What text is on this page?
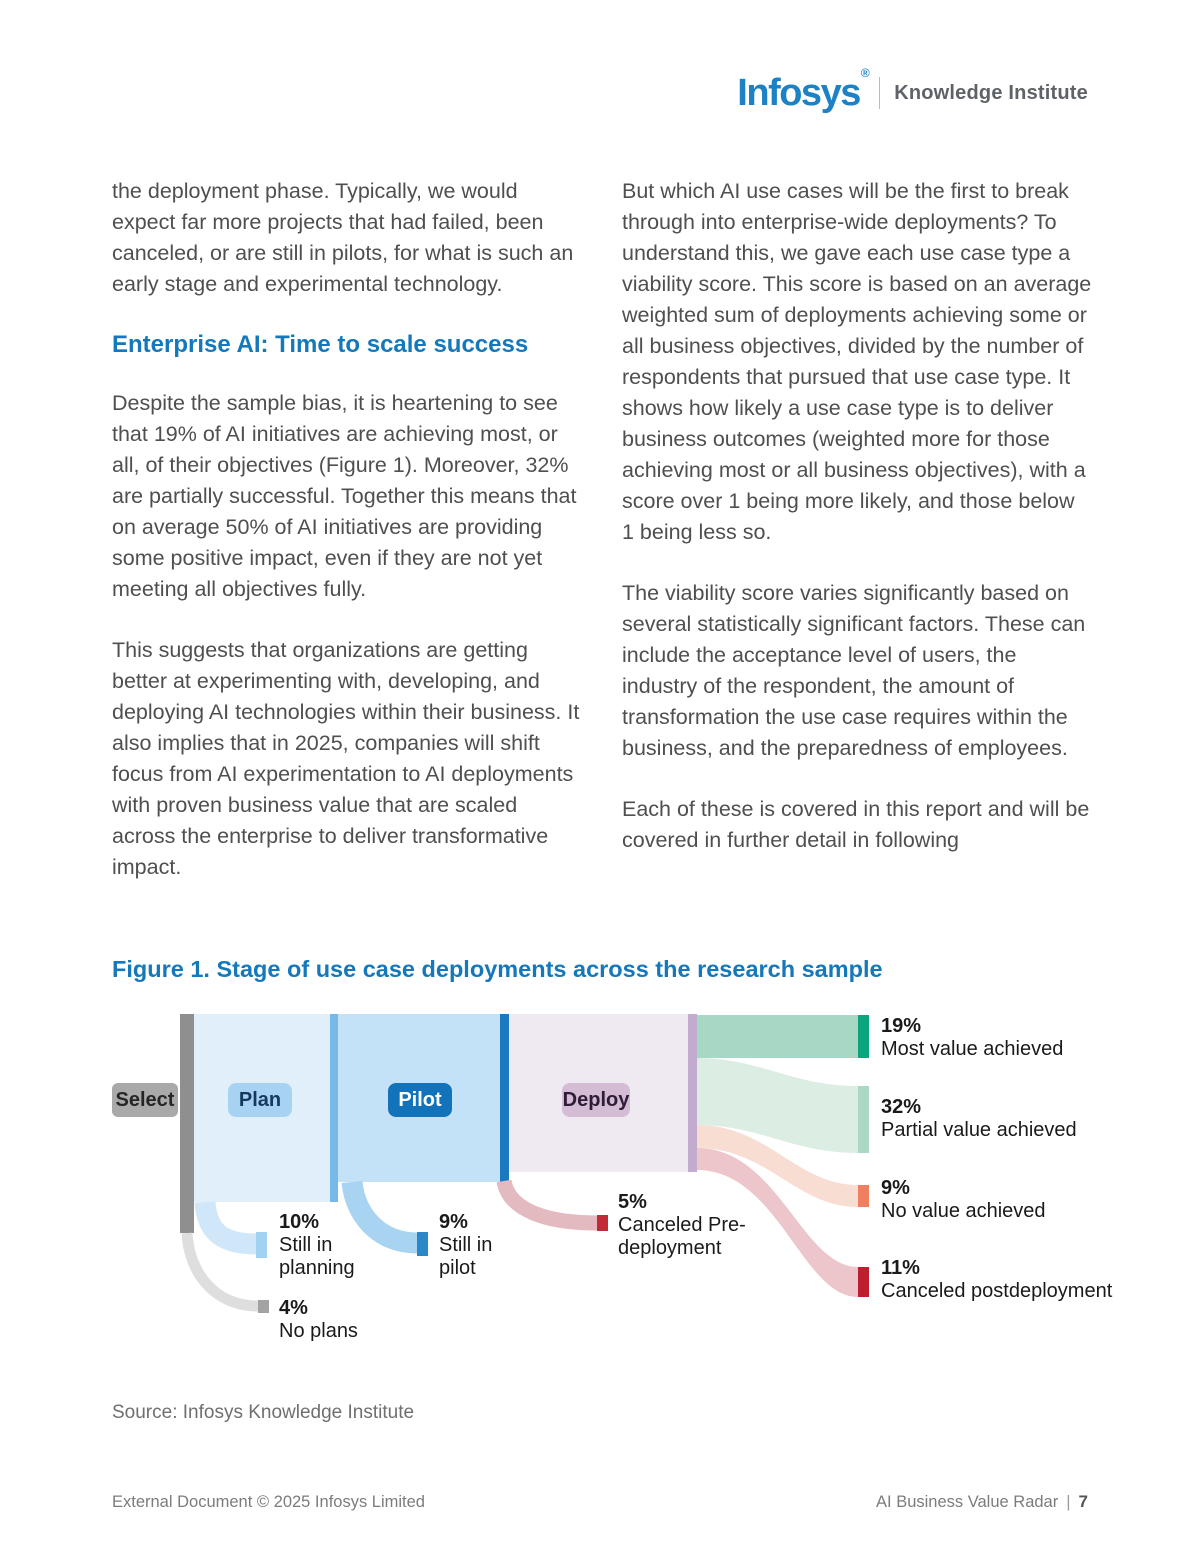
Infosys®
Knowledge Institute

the deployment phase. Typically, we would expect far more projects that had failed, been canceled, or are still in pilots, for what is such an early stage and experimental technology.

Enterprise AI: Time to scale success

Despite the sample bias, it is heartening to see that 19% of AI initiatives are achieving most, or all, of their objectives (Figure 1). Moreover, 32% are partially successful. Together this means that on average 50% of AI initiatives are providing some positive impact, even if they are not yet meeting all objectives fully.

This suggests that organizations are getting better at experimenting with, developing, and deploying AI technologies within their business. It also implies that in 2025, companies will shift focus from AI experimentation to AI deployments with proven business value that are scaled across the enterprise to deliver transformative impact.

But which AI use cases will be the first to break through into enterprise-wide deployments? To understand this, we gave each use case type a viability score. This score is based on an average weighted sum of deployments achieving some or all business objectives, divided by the number of respondents that pursued that use case type. It shows how likely a use case type is to deliver business outcomes (weighted more for those achieving most or all business objectives), with a score over 1 being more likely, and those below 1 being less so.

The viability score varies significantly based on several statistically significant factors. These can include the acceptance level of users, the industry of the respondent, the amount of transformation the use case requires within the business, and the preparedness of employees.

Each of these is covered in this report and will be covered in further detail in following

Figure 1. Stage of use case deployments across the research sample
Select	Plan	Pilot	Deploy
10%
Still in planning
4%
No plans
9%
Still in pilot
5%
Canceled Pre-deployment
19%
Most value achieved
32%
Partial value achieved
9%
No value achieved
11%
Canceled postdeployment
Source: Infosys Knowledge Institute
External Document © 2025 Infosys Limited	AI Business Value Radar | 7
